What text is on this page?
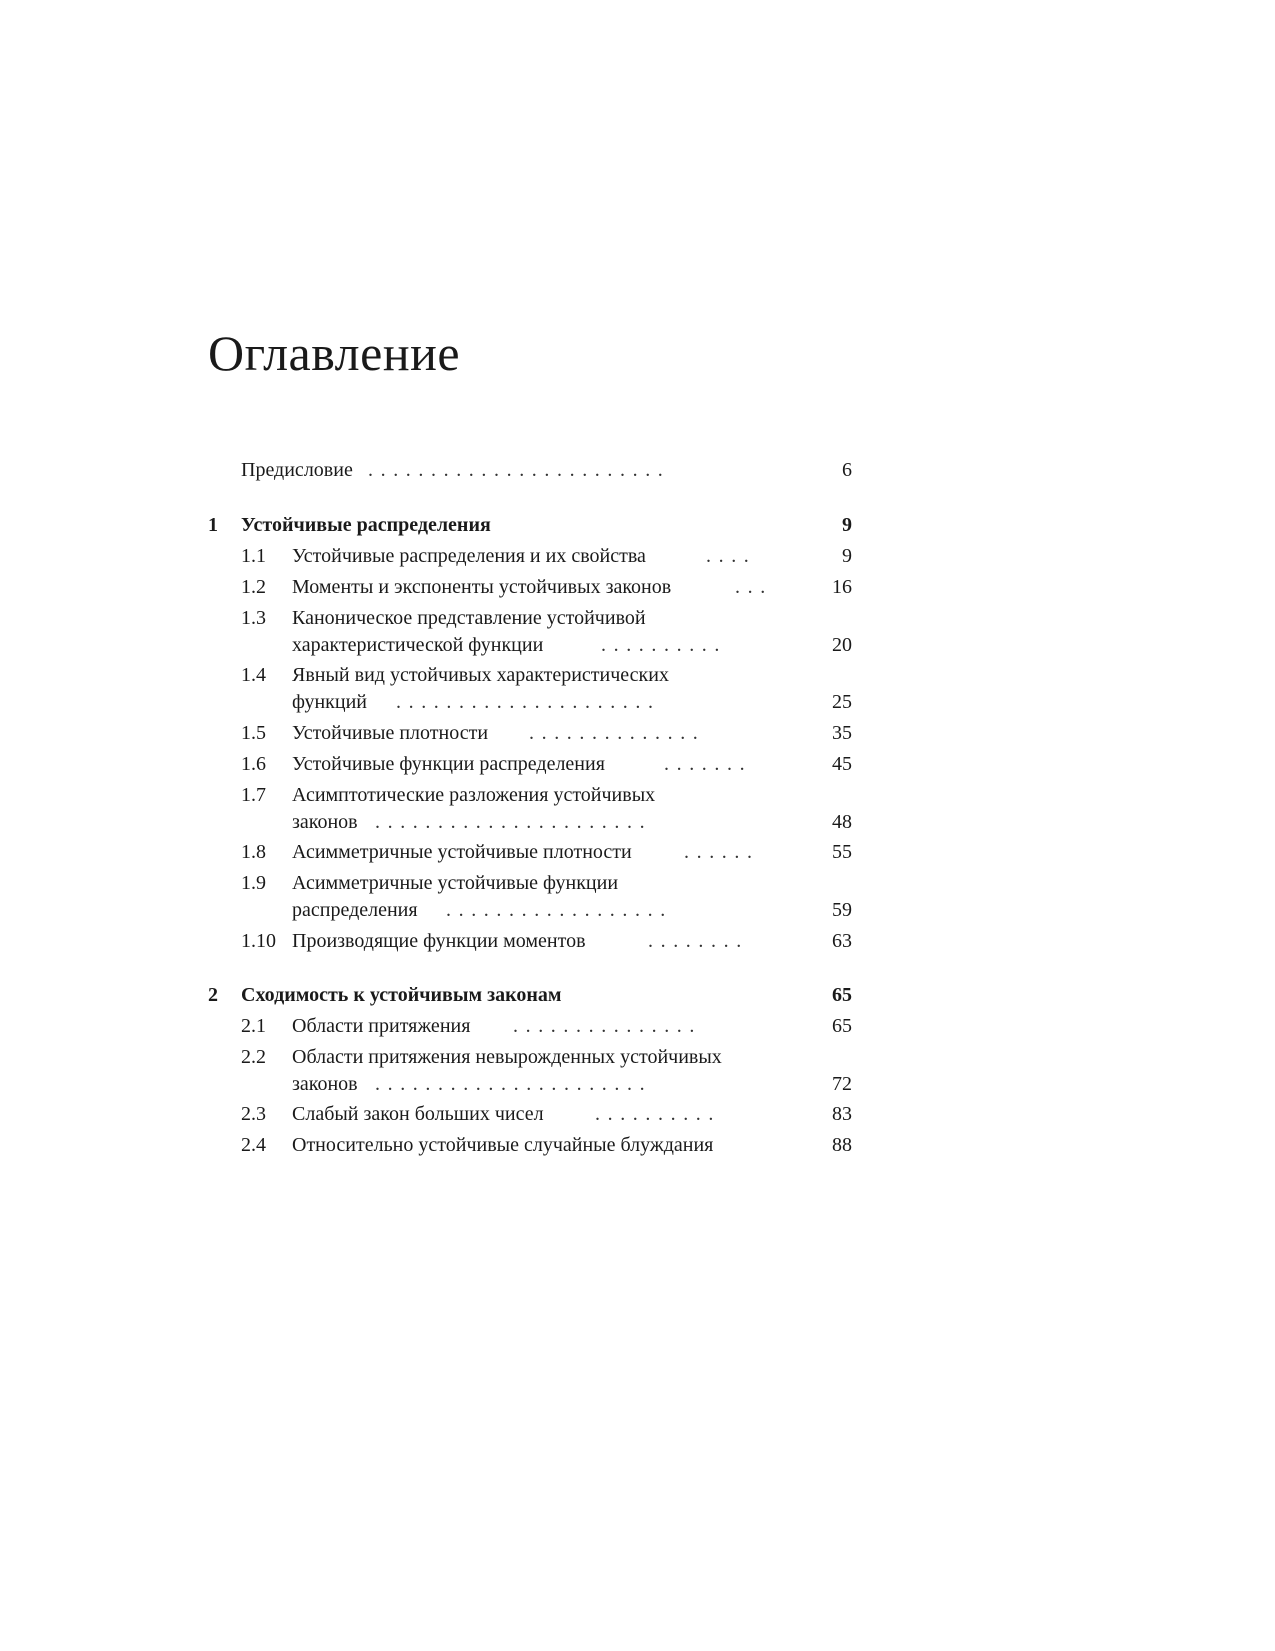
Оглавление
Предисловие ........................	6
1 Устойчивые распределения	9
1.1 Устойчивые распределения и их свойства	....	9
1.2 Моменты и экспоненты устойчивых законов	...	16
1.3 Каноническое представление устойчивой
характеристической функции	..........	20
1.4 Явный вид устойчивых характеристических
функций .....................	25
1.5 Устойчивые плотности	..............	35
1.6 Устойчивые функции распределения	.......	45
1.7 Асимптотические разложения устойчивых
законов ......................	48
1.8 Асимметричные устойчивые плотности	......	55
1.9 Асимметричные устойчивые функции
распределения ..................	59
1.10 Производящие функции моментов	........	63
2 Сходимость к устойчивым законам	65
2.1 Области притяжения	...............	65
2.2 Области притяжения невырожденных устойчивых
законов ......................	72
2.3 Слабый закон больших чисел	..........	83
2.4 Относительно устойчивые случайные блуждания	88
